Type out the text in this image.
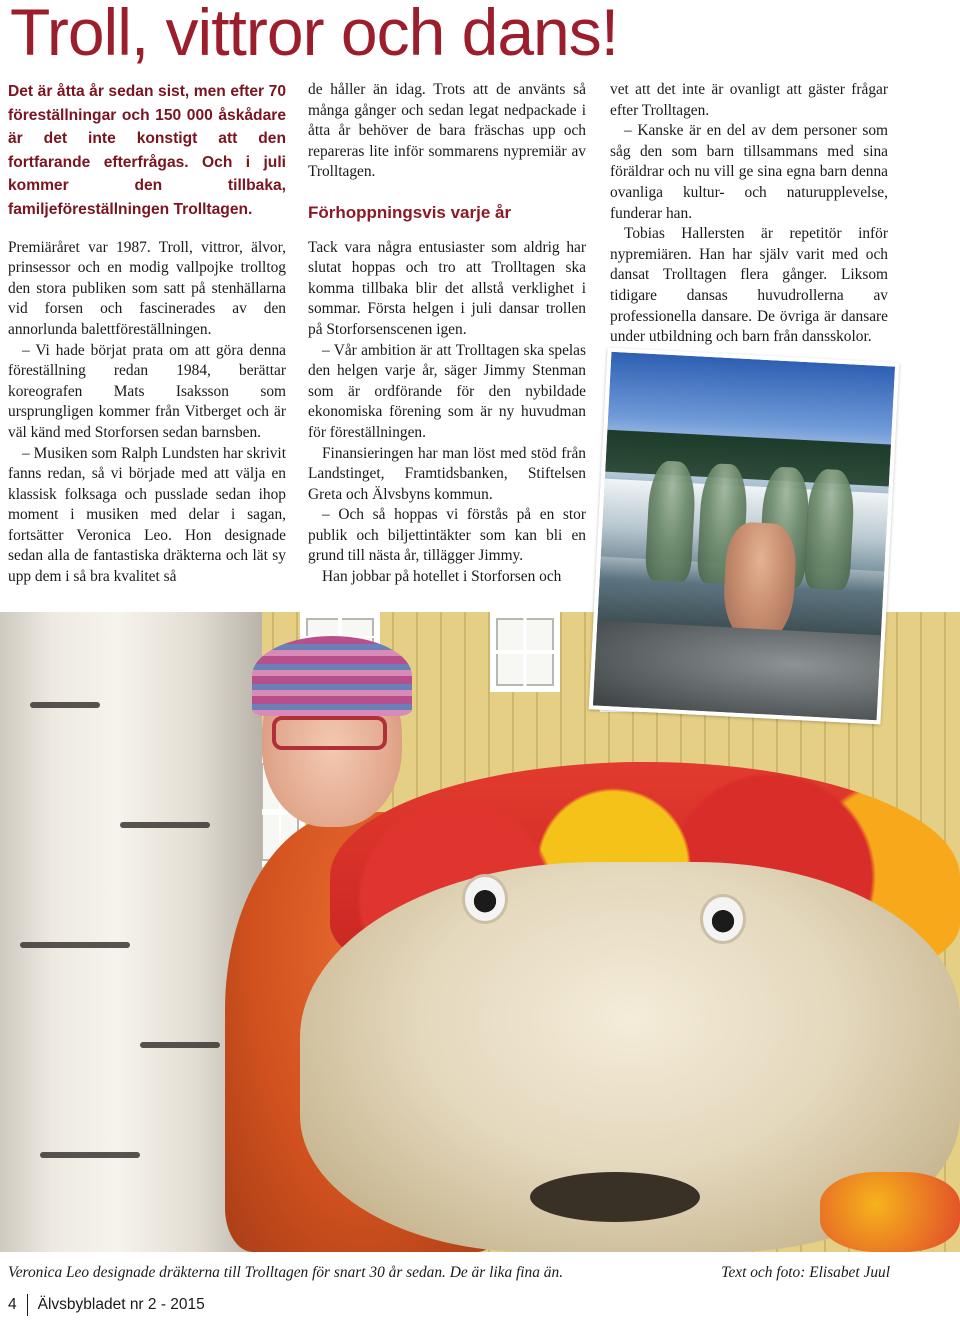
Troll, vittror och dans!

Det är åtta år sedan sist, men efter 70 föreställningar och 150 000 åskådare är det inte konstigt att den fortfarande efterfrågas. Och i juli kommer den tillbaka, familjeföreställningen Trolltagen.

Premiäråret var 1987. Troll, vittror, älvor, prinsessor och en modig vallpojke trolltog den stora publiken som satt på stenhällarna vid forsen och fascinerades av den annorlunda balettföreställningen.

– Vi hade börjat prata om att göra denna föreställning redan 1984, berättar koreografen Mats Isaksson som ursprungligen kommer från Vitberget och är väl känd med Storforsen sedan barnsben.

– Musiken som Ralph Lundsten har skrivit fanns redan, så vi började med att välja en klassisk folksaga och pusslade sedan ihop moment i musiken med delar i sagan, fortsätter Veronica Leo. Hon designade sedan alla de fantastiska dräkterna och lät sy upp dem i så bra kvalitet så

de håller än idag. Trots att de använts så många gånger och sedan legat nedpackade i åtta år behöver de bara fräschas upp och repareras lite inför sommarens nypremiär av Trolltagen.

Förhoppningsvis varje år

Tack vara några entusiaster som aldrig har slutat hoppas och tro att Trolltagen ska komma tillbaka blir det allstå verklighet i sommar. Första helgen i juli dansar trollen på Storforsenscenen igen.

– Vår ambition är att Trolltagen ska spelas den helgen varje år, säger Jimmy Stenman som är ordförande för den nybildade ekonomiska förening som är ny huvudman för föreställningen.

Finansieringen har man löst med stöd från Landstinget, Framtidsbanken, Stiftelsen Greta och Älvsbyns kommun.

– Och så hoppas vi förstås på en stor publik och biljettintäkter som kan bli en grund till nästa år, tillägger Jimmy.

Han jobbar på hotellet i Storforsen och

vet att det inte är ovanligt att gäster frågar efter Trolltagen.

– Kanske är en del av dem personer som såg den som barn tillsammans med sina föräldrar och nu vill ge sina egna barn denna ovanliga kultur- och naturupplevelse, funderar han.

Tobias Hallersten är repetitör inför nypremiären. Han har själv varit med och dansat Trolltagen flera gånger. Liksom tidigare dansas huvudrollerna av professionella dansare. De övriga är dansare under utbildning och barn från dansskolor.

Veronica Leo designade dräkterna till Trolltagen för snart 30 år sedan. De är lika fina än.	Text och foto: Elisabet Juul
4	Älvsbybladet nr 2 - 2015
